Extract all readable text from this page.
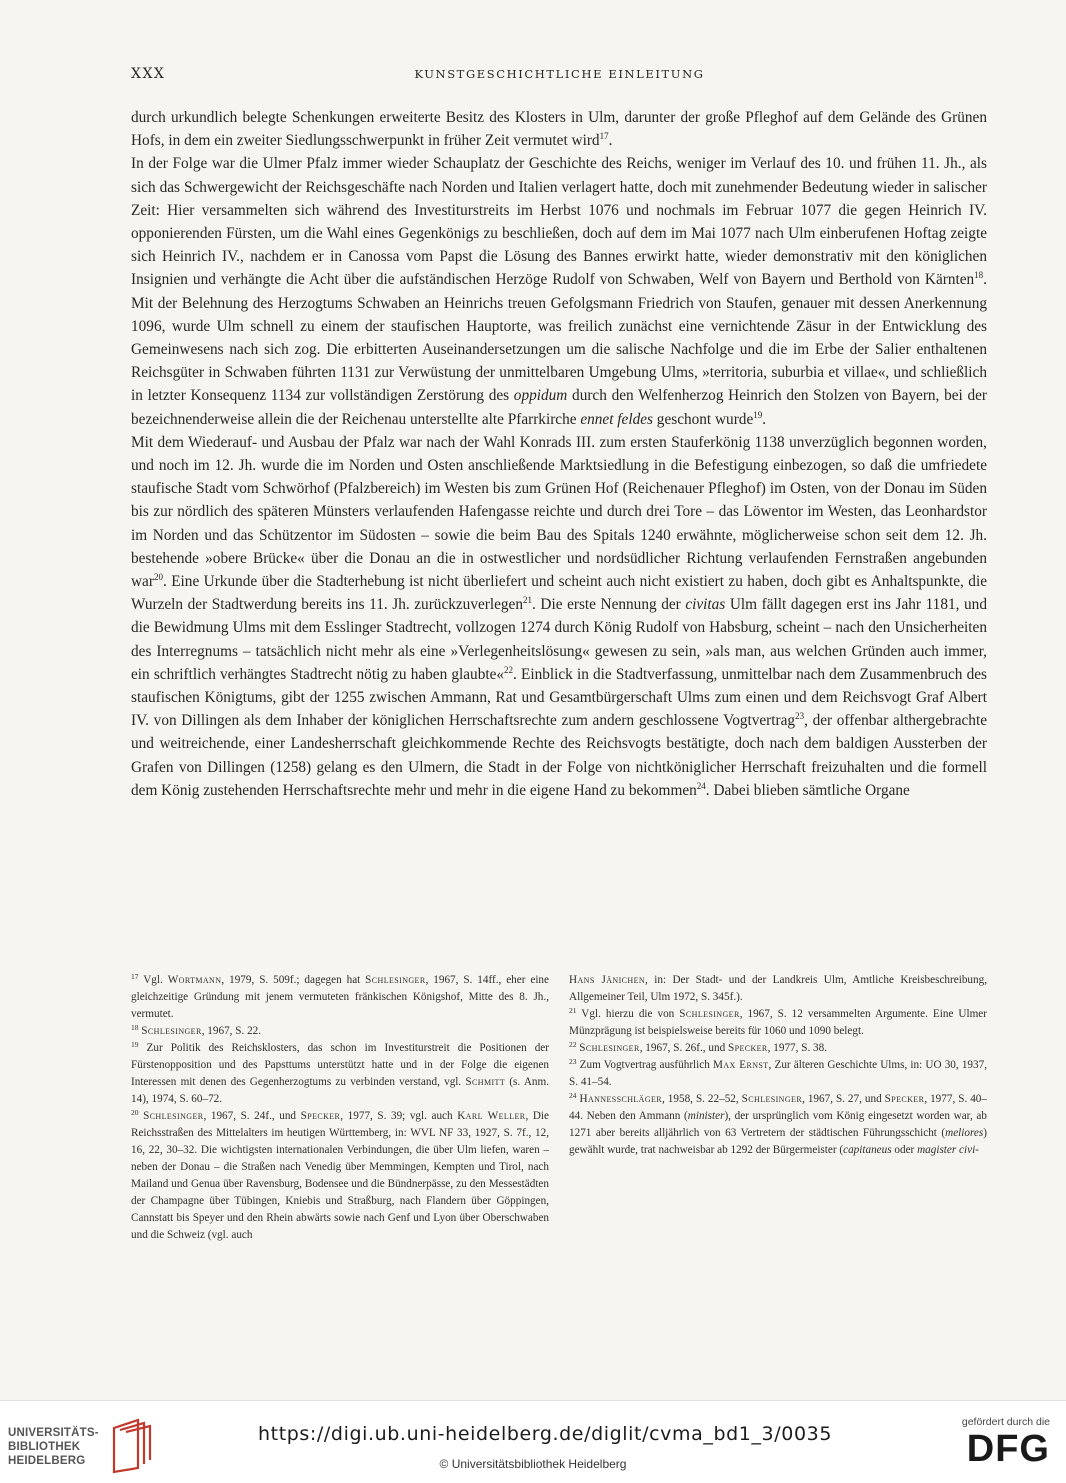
XXX	KUNSTGESCHICHTLICHE EINLEITUNG

durch urkundlich belegte Schenkungen erweiterte Besitz des Klosters in Ulm, darunter der große Pfleghof auf dem Gelände des Grünen Hofs, in dem ein zweiter Siedlungsschwerpunkt in früher Zeit vermutet wird$^{17}$.

In der Folge war die Ulmer Pfalz immer wieder Schauplatz der Geschichte des Reichs, weniger im Verlauf des 10. und frühen 11. Jh., als sich das Schwergewicht der Reichsgeschäfte nach Norden und Italien verlagert hatte, doch mit zunehmender Bedeutung wieder in salischer Zeit: Hier versammelten sich während des Investiturstreits im Herbst 1076 und nochmals im Februar 1077 die gegen Heinrich IV. opponierenden Fürsten, um die Wahl eines Gegenkönigs zu beschließen, doch auf dem im Mai 1077 nach Ulm einberufenen Hoftag zeigte sich Heinrich IV., nachdem er in Canossa vom Papst die Lösung des Bannes erwirkt hatte, wieder demonstrativ mit den königlichen Insignien und verhängte die Acht über die aufständischen Herzöge Rudolf von Schwaben, Welf von Bayern und Berthold von Kärnten$^{18}$. Mit der Belehnung des Herzogtums Schwaben an Heinrichs treuen Gefolgsmann Friedrich von Staufen, genauer mit dessen Anerkennung 1096, wurde Ulm schnell zu einem der staufischen Hauptorte, was freilich zunächst eine vernichtende Zäsur in der Entwicklung des Gemeinwesens nach sich zog. Die erbitterten Auseinandersetzungen um die salische Nachfolge und die im Erbe der Salier enthaltenen Reichsgüter in Schwaben führten 1131 zur Verwüstung der unmittelbaren Umgebung Ulms, »territoria, suburbia et villae«, und schließlich in letzter Konsequenz 1134 zur vollständigen Zerstörung des oppidum durch den Welfenherzog Heinrich den Stolzen von Bayern, bei der bezeichnenderweise allein die der Reichenau unterstellte alte Pfarrkirche ennet feldes geschont wurde$^{19}$.

Mit dem Wiederauf- und Ausbau der Pfalz war nach der Wahl Konrads III. zum ersten Stauferkönig 1138 unverzüglich begonnen worden, und noch im 12. Jh. wurde die im Norden und Osten anschließende Marktsiedlung in die Befestigung einbezogen, so daß die umfriedete staufische Stadt vom Schwörhof (Pfalzbereich) im Westen bis zum Grünen Hof (Reichenauer Pfleghof) im Osten, von der Donau im Süden bis zur nördlich des späteren Münsters verlaufenden Hafengasse reichte und durch drei Tore – das Löwentor im Westen, das Leonhardstor im Norden und das Schützentor im Südosten – sowie die beim Bau des Spitals 1240 erwähnte, möglicherweise schon seit dem 12. Jh. bestehende »obere Brücke« über die Donau an die in ostwestlicher und nordsüdlicher Richtung verlaufenden Fernstraßen angebunden war$^{20}$. Eine Urkunde über die Stadterhebung ist nicht überliefert und scheint auch nicht existiert zu haben, doch gibt es Anhaltspunkte, die Wurzeln der Stadtwerdung bereits ins 11. Jh. zurückzuverlegen$^{21}$. Die erste Nennung der civitas Ulm fällt dagegen erst ins Jahr 1181, und die Bewidmung Ulms mit dem Esslinger Stadtrecht, vollzogen 1274 durch König Rudolf von Habsburg, scheint – nach den Unsicherheiten des Interregnums – tatsächlich nicht mehr als eine »Verlegenheitslösung« gewesen zu sein, »als man, aus welchen Gründen auch immer, ein schriftlich verhängtes Stadtrecht nötig zu haben glaubte«$^{22}$. Einblick in die Stadtverfassung, unmittelbar nach dem Zusammenbruch des staufischen Königtums, gibt der 1255 zwischen Ammann, Rat und Gesamtbürgerschaft Ulms zum einen und dem Reichsvogt Graf Albert IV. von Dillingen als dem Inhaber der königlichen Herrschaftsrechte zum andern geschlossene Vogtvertrag$^{23}$, der offenbar althergebrachte und weitreichende, einer Landesherrschaft gleichkommende Rechte des Reichsvogts bestätigte, doch nach dem baldigen Aussterben der Grafen von Dillingen (1258) gelang es den Ulmern, die Stadt in der Folge von nichtköniglicher Herrschaft freizuhalten und die formell dem König zustehenden Herrschaftsrechte mehr und mehr in die eigene Hand zu bekommen$^{24}$. Dabei blieben sämtliche Organe

$^{17}$ Vgl. Wortmann, 1979, S. 509f.; dagegen hat Schlesinger, 1967, S. 14ff., eher eine gleichzeitige Gründung mit jenem vermuteten fränkischen Königshof, Mitte des 8. Jh., vermutet.

$^{18}$ Schlesinger, 1967, S. 22.

$^{19}$ Zur Politik des Reichsklosters, das schon im Investiturstreit die Positionen der Fürstenopposition und des Papsttums unterstützt hatte und in der Folge die eigenen Interessen mit denen des Gegenherzogtums zu verbinden verstand, vgl. Schmitt (s. Anm. 14), 1974, S. 60–72.

$^{20}$ Schlesinger, 1967, S. 24f., und Specker, 1977, S. 39; vgl. auch Karl Weller, Die Reichsstraßen des Mittelalters im heutigen Württemberg, in: WVL NF 33, 1927, S. 7f., 12, 16, 22, 30–32. Die wichtigsten internationalen Verbindungen, die über Ulm liefen, waren – neben der Donau – die Straßen nach Venedig über Memmingen, Kempten und Tirol, nach Mailand und Genua über Ravensburg, Bodensee und die Bündnerpässe, zu den Messestädten der Champagne über Tübingen, Kniebis und Straßburg, nach Flandern über Göppingen, Cannstatt bis Speyer und den Rhein abwärts sowie nach Genf und Lyon über Oberschwaben und die Schweiz (vgl. auch

Hans Jänichen, in: Der Stadt- und der Landkreis Ulm, Amtliche Kreisbeschreibung, Allgemeiner Teil, Ulm 1972, S. 345f.).

$^{21}$ Vgl. hierzu die von Schlesinger, 1967, S. 12 versammelten Argumente. Eine Ulmer Münzprägung ist beispielsweise bereits für 1060 und 1090 belegt.

$^{22}$ Schlesinger, 1967, S. 26f., und Specker, 1977, S. 38.

$^{23}$ Zum Vogtvertrag ausführlich Max Ernst, Zur älteren Geschichte Ulms, in: UO 30, 1937, S. 41–54.

$^{24}$ Hannesschläger, 1958, S. 22–52, Schlesinger, 1967, S. 27, und Specker, 1977, S. 40–44. Neben den Ammann (minister), der ursprünglich vom König eingesetzt worden war, ab 1271 aber bereits alljährlich von 63 Vertretern der städtischen Führungsschicht (meliores) gewählt wurde, trat nachweisbar ab 1292 der Bürgermeister (capitaneus oder magister civi-

UNIVERSITÄTS-
BIBLIOTHEK
HEIDELBERG
https://digi.ub.uni-heidelberg.de/diglit/cvma_bd1_3/0035
© Universitätsbibliothek Heidelberg
gefördert durch die
DFG
